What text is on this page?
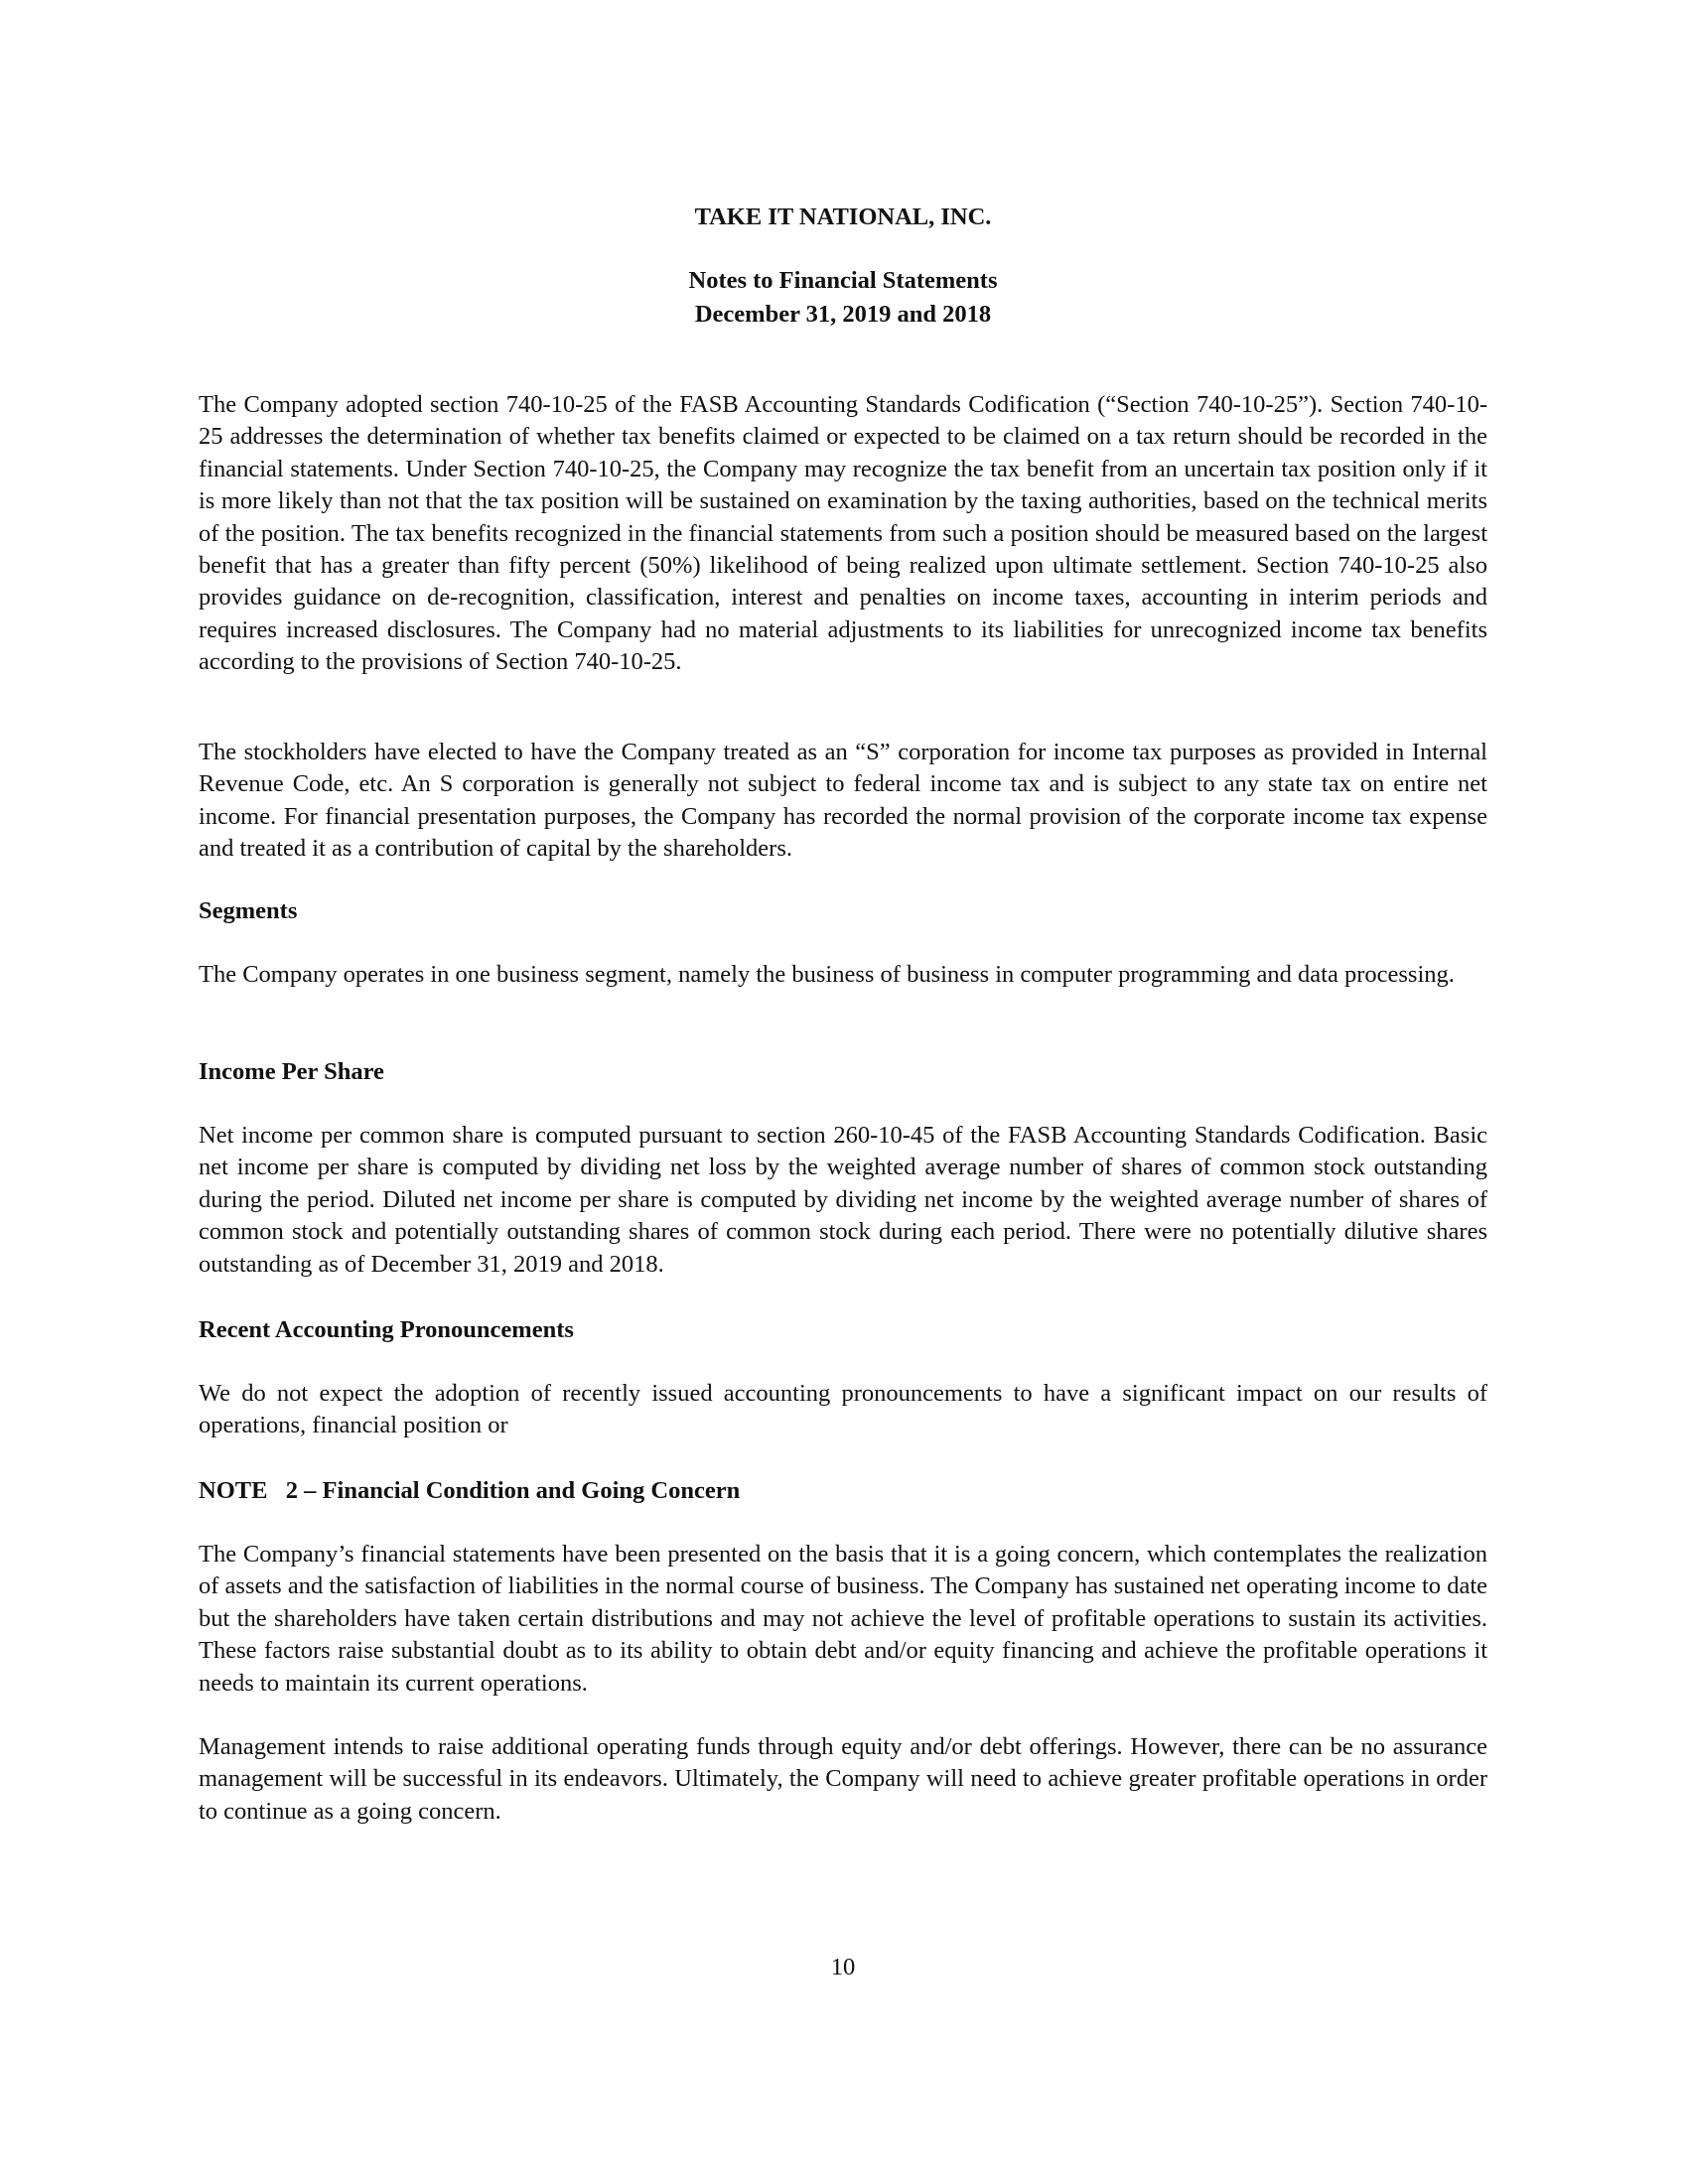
TAKE IT NATIONAL, INC.
Notes to Financial Statements
December 31, 2019 and 2018

The Company adopted section 740-10-25 of the FASB Accounting Standards Codification (“Section 740-10-25”). Section 740-10-25 addresses the determination of whether tax benefits claimed or expected to be claimed on a tax return should be recorded in the financial statements. Under Section 740-10-25, the Company may recognize the tax benefit from an uncertain tax position only if it is more likely than not that the tax position will be sustained on examination by the taxing authorities, based on the technical merits of the position. The tax benefits recognized in the financial statements from such a position should be measured based on the largest benefit that has a greater than fifty percent (50%) likelihood of being realized upon ultimate settlement. Section 740-10-25 also provides guidance on de-recognition, classification, interest and penalties on income taxes, accounting in interim periods and requires increased disclosures. The Company had no material adjustments to its liabilities for unrecognized income tax benefits according to the provisions of Section 740-10-25.

The stockholders have elected to have the Company treated as an “S” corporation for income tax purposes as provided in Internal Revenue Code, etc. An S corporation is generally not subject to federal income tax and is subject to any state tax on entire net income. For financial presentation purposes, the Company has recorded the normal provision of the corporate income tax expense and treated it as a contribution of capital by the shareholders.

Segments

The Company operates in one business segment, namely the business of business in computer programming and data processing.

Income Per Share

Net income per common share is computed pursuant to section 260-10-45 of the FASB Accounting Standards Codification. Basic net income per share is computed by dividing net loss by the weighted average number of shares of common stock outstanding during the period. Diluted net income per share is computed by dividing net income by the weighted average number of shares of common stock and potentially outstanding shares of common stock during each period. There were no potentially dilutive shares outstanding as of December 31, 2019 and 2018.

Recent Accounting Pronouncements

We do not expect the adoption of recently issued accounting pronouncements to have a significant impact on our results of operations, financial position or

NOTE   2 – Financial Condition and Going Concern

The Company’s financial statements have been presented on the basis that it is a going concern, which contemplates the realization of assets and the satisfaction of liabilities in the normal course of business. The Company has sustained net operating income to date but the shareholders have taken certain distributions and may not achieve the level of profitable operations to sustain its activities. These factors raise substantial doubt as to its ability to obtain debt and/or equity financing and achieve the profitable operations it needs to maintain its current operations.

Management intends to raise additional operating funds through equity and/or debt offerings. However, there can be no assurance management will be successful in its endeavors. Ultimately, the Company will need to achieve greater profitable operations in order to continue as a going concern.

10
